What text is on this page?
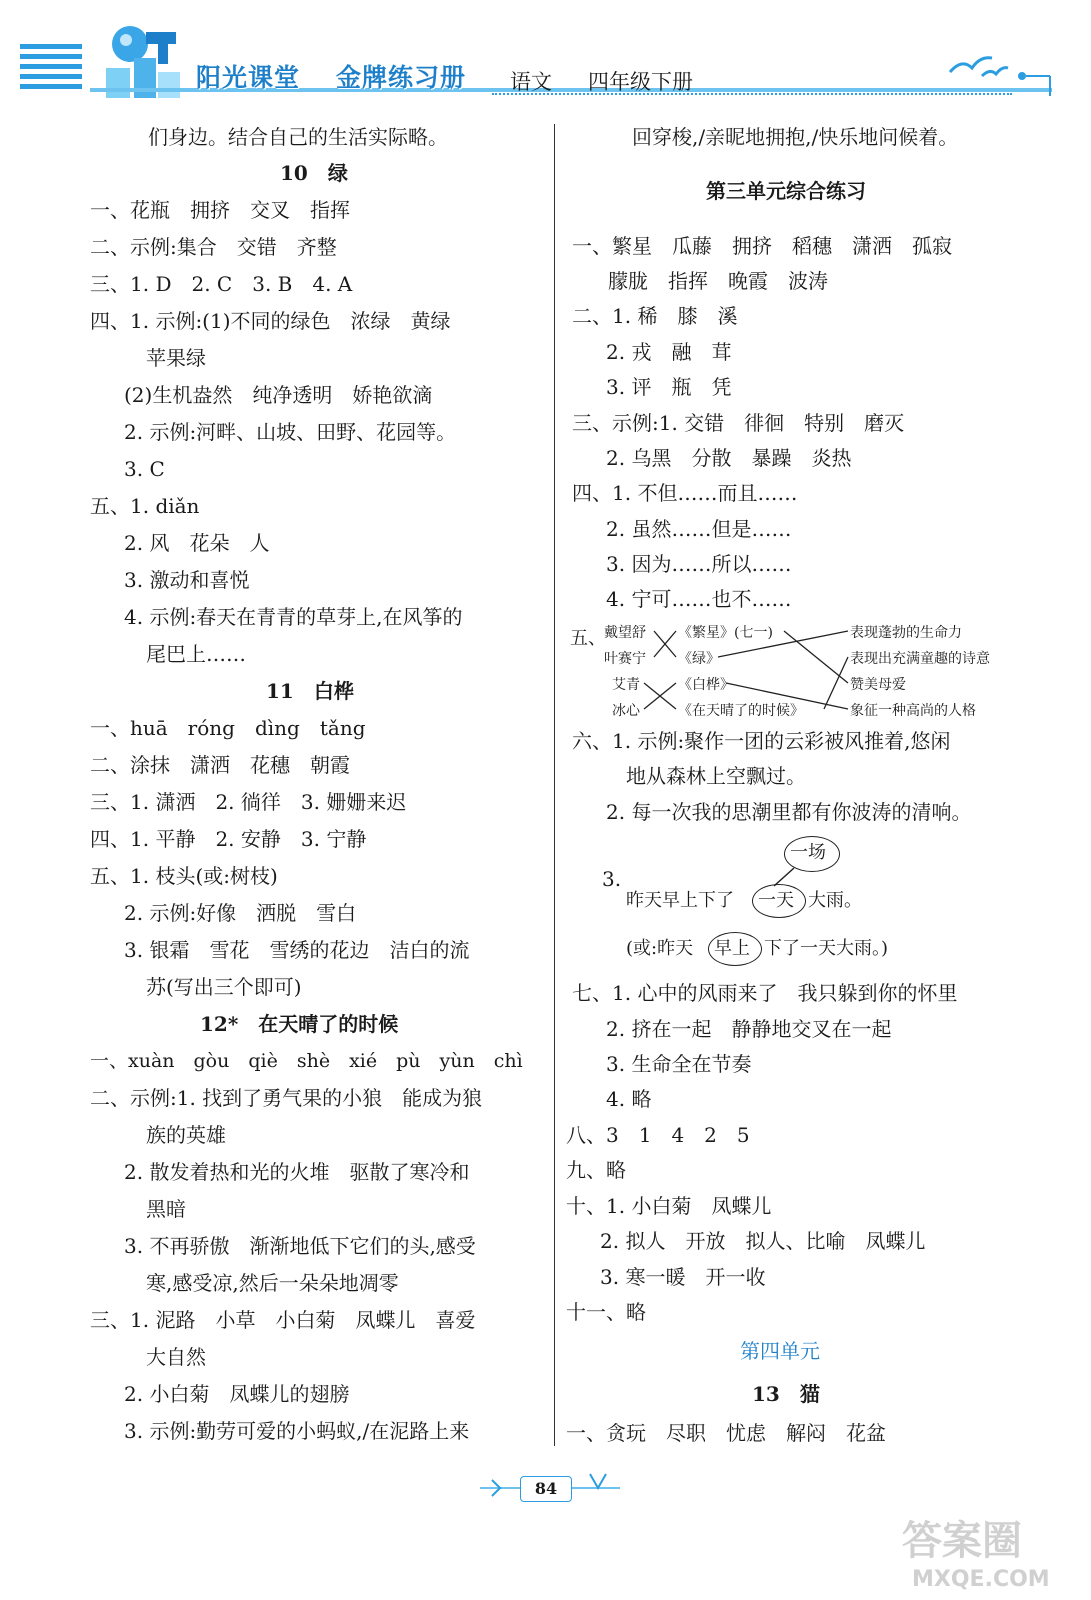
阳光课堂 金牌练习册 语文 四年级下册
们身边。结合自己的生活实际略。
10　绿
一、花瓶　拥挤　交叉　指挥
二、示例:集合　交错　齐整
三、1. D　2. C　3. B　4. A
四、1. 示例:(1)不同的绿色　浓绿　黄绿
苹果绿
(2)生机盎然　纯净透明　娇艳欲滴
2. 示例:河畔、山坡、田野、花园等。
3. C
五、1. diǎn
2. 风　花朵　人
3. 激动和喜悦
4. 示例:春天在青青的草芽上,在风筝的
尾巴上……
11　白桦
一、huā　róng　dìng　tǎng
二、涂抹　潇洒　花穗　朝霞
三、1. 潇洒　2. 徜徉　3. 姗姗来迟
四、1. 平静　2. 安静　3. 宁静
五、1. 枝头(或:树枝)
2. 示例:好像　洒脱　雪白
3. 银霜　雪花　雪绣的花边　洁白的流
苏(写出三个即可)
12*　在天晴了的时候
一、xuàn　gòu　qiè　shè　xié　pù　yùn　chì
二、示例:1. 找到了勇气果的小狼　能成为狼
族的英雄
2. 散发着热和光的火堆　驱散了寒冷和
黑暗
3. 不再骄傲　渐渐地低下它们的头,感受
寒,感受凉,然后一朵朵地凋零
三、1. 泥路　小草　小白菊　凤蝶儿　喜爱
大自然
2. 小白菊　凤蝶儿的翅膀
3. 示例:勤劳可爱的小蚂蚁,/在泥路上来
回穿梭,/亲昵地拥抱,/快乐地问候着。
第三单元综合练习
一、繁星　瓜藤　拥挤　稻穗　潇洒　孤寂
朦胧　指挥　晚霞　波涛
二、1. 稀　膝　溪
2. 戎　融　茸
3. 评　瓶　凭
三、示例:1. 交错　徘徊　特别　磨灭
2. 乌黑　分散　暴躁　炎热
四、1. 不但……而且……
2. 虽然……但是……
3. 因为……所以……
4. 宁可……也不……
五、
戴望舒
叶赛宁
艾青
冰心
《繁星》(七一)
《绿》
《白桦》
《在天晴了的时候》
表现蓬勃的生命力
表现出充满童趣的诗意
赞美母爱
象征一种高尚的人格
六、1. 示例:聚作一团的云彩被风推着,悠闲
地从森林上空飘过。
2. 每一次我的思潮里都有你波涛的清响。
3.
一场
昨天早上下了 一天 大雨。
(或:昨天 早上 下了一天大雨。)
七、1. 心中的风雨来了　我只躲到你的怀里
2. 挤在一起　静静地交叉在一起
3. 生命全在节奏
4. 略
八、3　1　4　2　5
九、略
十、1. 小白菊　凤蝶儿
2. 拟人　开放　拟人、比喻　凤蝶儿
3. 寒一暖　开一收
十一、略
第四单元
13　猫
一、贪玩　尽职　忧虑　解闷　花盆
84
答案圈
MXQE.COM
